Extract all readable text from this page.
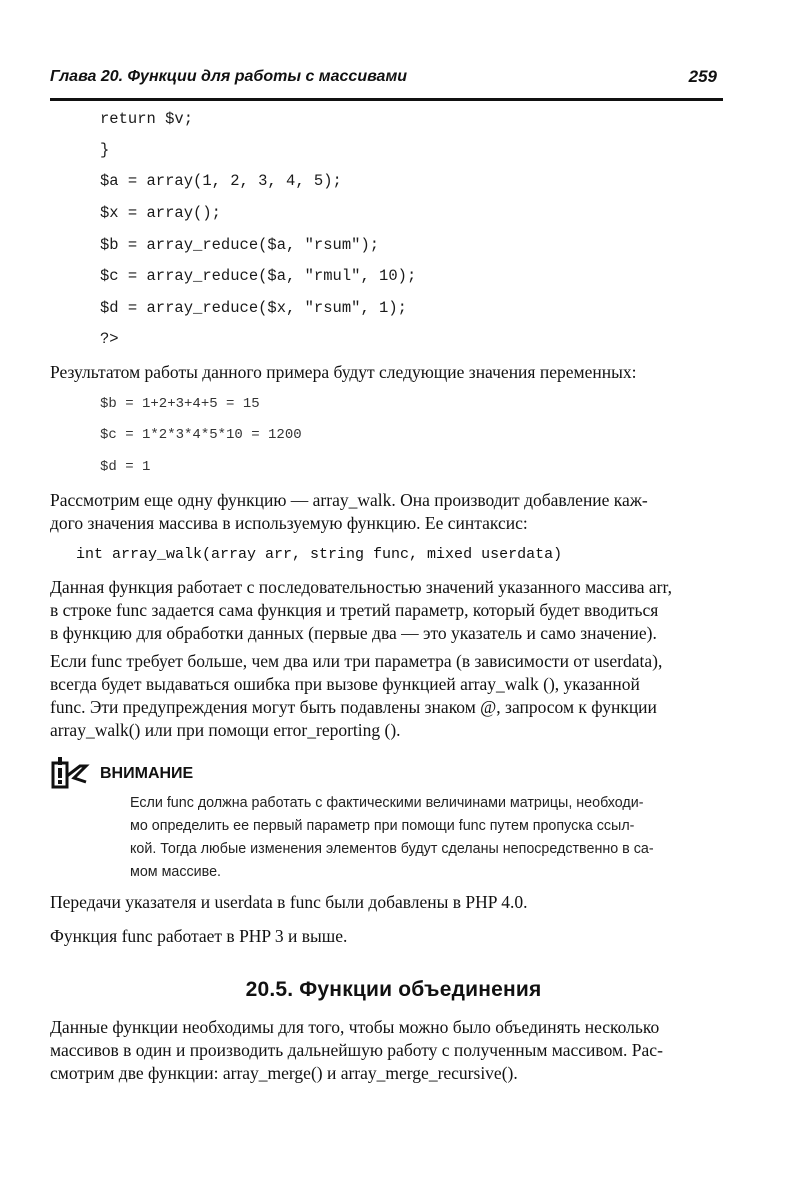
Глава 20. Функции для работы с массивами	259
return $v;
}
$a = array(1, 2, 3, 4, 5);
$x = array();
$b = array_reduce($a, "rsum");
$c = array_reduce($a, "rmul", 10);
$d = array_reduce($x, "rsum", 1);
?>
Результатом работы данного примера будут следующие значения переменных:
$b = 1+2+3+4+5 = 15
$c = 1*2*3*4*5*10 = 1200
$d = 1
Рассмотрим еще одну функцию — array_walk. Она производит добавление каж-
дого значения массива в используемую функцию. Ее синтаксис:
int array_walk(array arr, string func, mixed userdata)
Данная функция работает с последовательностью значений указанного массива arr,
в строке func задается сама функция и третий параметр, который будет вводиться
в функцию для обработки данных (первые два — это указатель и само значение).
Если func требует больше, чем два или три параметра (в зависимости от userdata),
всегда будет выдаваться ошибка при вызове функцией array_walk (), указанной
func. Эти предупреждения могут быть подавлены знаком @, запросом к функции
array_walk() или при помощи error_reporting ().
ВНИМАНИЕ
Если func должна работать с фактическими величинами матрицы, необходи-
мо определить ее первый параметр при помощи func путем пропуска ссыл-
кой. Тогда любые изменения элементов будут сделаны непосредственно в са-
мом массиве.
Передачи указателя и userdata в func были добавлены в PHP 4.0.
Функция func работает в PHP 3 и выше.
20.5. Функции объединения
Данные функции необходимы для того, чтобы можно было объединять несколько
массивов в один и производить дальнейшую работу с полученным массивом. Рас-
смотрим две функции: array_merge() и array_merge_recursive().
